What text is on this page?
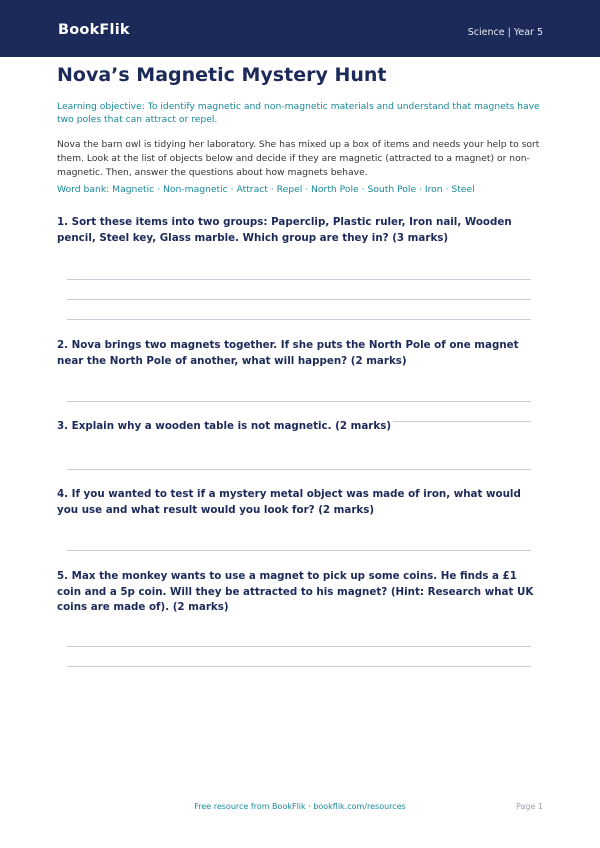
BookFlik	Science | Year 5
Nova’s Magnetic Mystery Hunt
Learning objective: To identify magnetic and non-magnetic materials and understand that magnets have two poles that can attract or repel.
Nova the barn owl is tidying her laboratory. She has mixed up a box of items and needs your help to sort them. Look at the list of objects below and decide if they are magnetic (attracted to a magnet) or non-magnetic. Then, answer the questions about how magnets behave.
Word bank: Magnetic · Non-magnetic · Attract · Repel · North Pole · South Pole · Iron · Steel
1. Sort these items into two groups: Paperclip, Plastic ruler, Iron nail, Wooden pencil, Steel key, Glass marble. Which group are they in? (3 marks)
2. Nova brings two magnets together. If she puts the North Pole of one magnet near the North Pole of another, what will happen? (2 marks)
3. Explain why a wooden table is not magnetic. (2 marks)
4. If you wanted to test if a mystery metal object was made of iron, what would you use and what result would you look for? (2 marks)
5. Max the monkey wants to use a magnet to pick up some coins. He finds a £1 coin and a 5p coin. Will they be attracted to his magnet? (Hint: Research what UK coins are made of). (2 marks)
Free resource from BookFlik · bookflik.com/resources	Page 1
